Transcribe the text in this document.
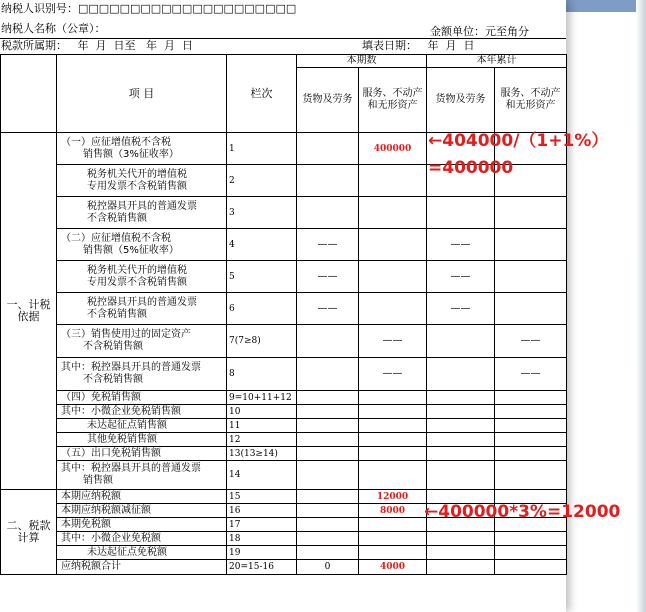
纳税人识别号：□□□□□□□□□□□□□□□□□□□□□
纳税人名称（公章）：	金额单位：元至角分
税款所属期：   年  月  日至   年  月  日	填表日期：   年  月  日
	项 目	栏次	本期数		本年累计	
			货物及劳务	服务、不动产和无形资产	货物及劳务	服务、不动产和无形资产
一、计税依据	（一）应征增值税不含税
销售额（3%征收率）	1		400000		

	税务机关代开的增值税
专用发票不含税销售额	2				

	税控器具开具的普通发票
不含税销售额	3				

	（二）应征增值税不含税
销售额（5%征收率）	4	——		——	

	税务机关代开的增值税
专用发票不含税销售额	5	——		——	

	税控器具开具的普通发票
不含税销售额	6	——		——	

	（三）销售使用过的固定资产
不含税销售额	7(7≥8)		——		——

	其中：税控器具开具的普通发票
不含税销售额	8		——		——

	（四）免税销售额	9=10+11+12				

	其中：小微企业免税销售额	10				

	未达起征点销售额	11				

	其他免税销售额	12				

	（五）出口免税销售额	13(13≥14)				

	其中：税控器具开具的普通发票
销售额	14				
二、税款计算	本期应纳税额	15		12000		

	本期应纳税额减征额	16		8000		

	本期免税额	17				

	其中：小微企业免税额	18				

	未达起征点免税额	19				

	应纳税额合计	20=15-16	0	4000		
←404000/（1+1%）
=400000
←400000*3%=12000
